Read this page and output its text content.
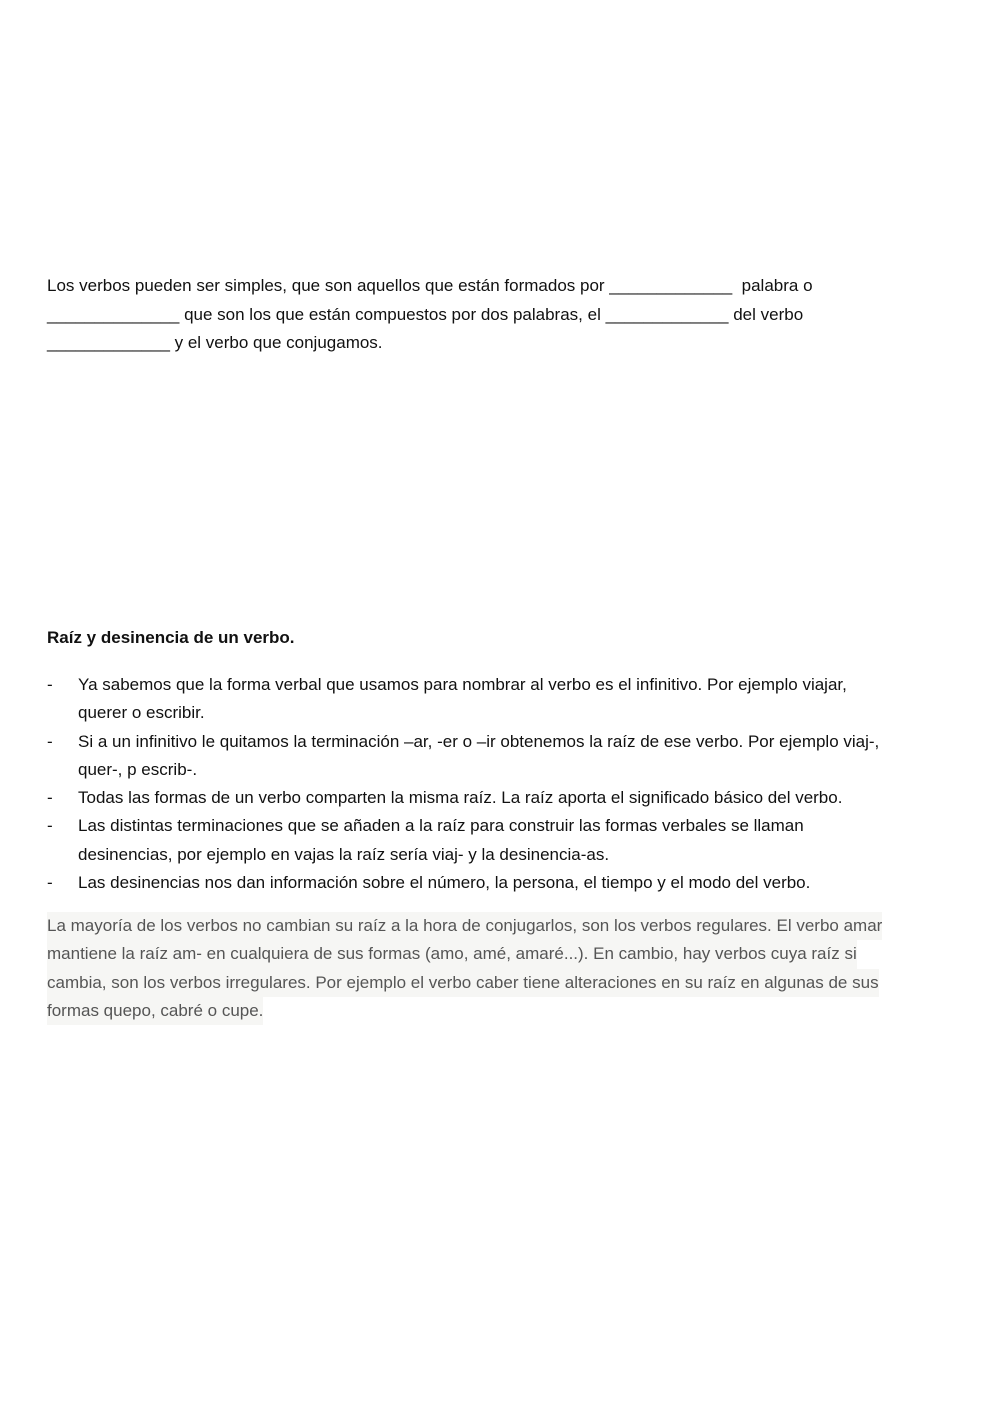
Los verbos pueden ser simples, que son aquellos que están formados por _____________  palabra o
______________ que son los que están compuestos por dos palabras, el _____________ del verbo
_____________ y el verbo que conjugamos.

Raíz y desinencia de un verbo.
- Ya sabemos que la forma verbal que usamos para nombrar al verbo es el infinitivo. Por ejemplo viajar,
querer o escribir.
- Si a un infinitivo le quitamos la terminación –ar, -er o –ir obtenemos la raíz de ese verbo. Por ejemplo viaj-,
quer-, p escrib-.
- Todas las formas de un verbo comparten la misma raíz. La raíz aporta el significado básico del verbo.
- Las distintas terminaciones que se añaden a la raíz para construir las formas verbales se llaman
desinencias, por ejemplo en vajas la raíz sería viaj- y la desinencia-as.
- Las desinencias nos dan información sobre el número, la persona, el tiempo y el modo del verbo.

La mayoría de los verbos no cambian su raíz a la hora de conjugarlos, son los verbos regulares. El verbo amar
mantiene la raíz am- en cualquiera de sus formas (amo, amé, amaré...). En cambio, hay verbos cuya raíz si
cambia, son los verbos irregulares. Por ejemplo el verbo caber tiene alteraciones en su raíz en algunas de sus
formas quepo, cabré o cupe.
